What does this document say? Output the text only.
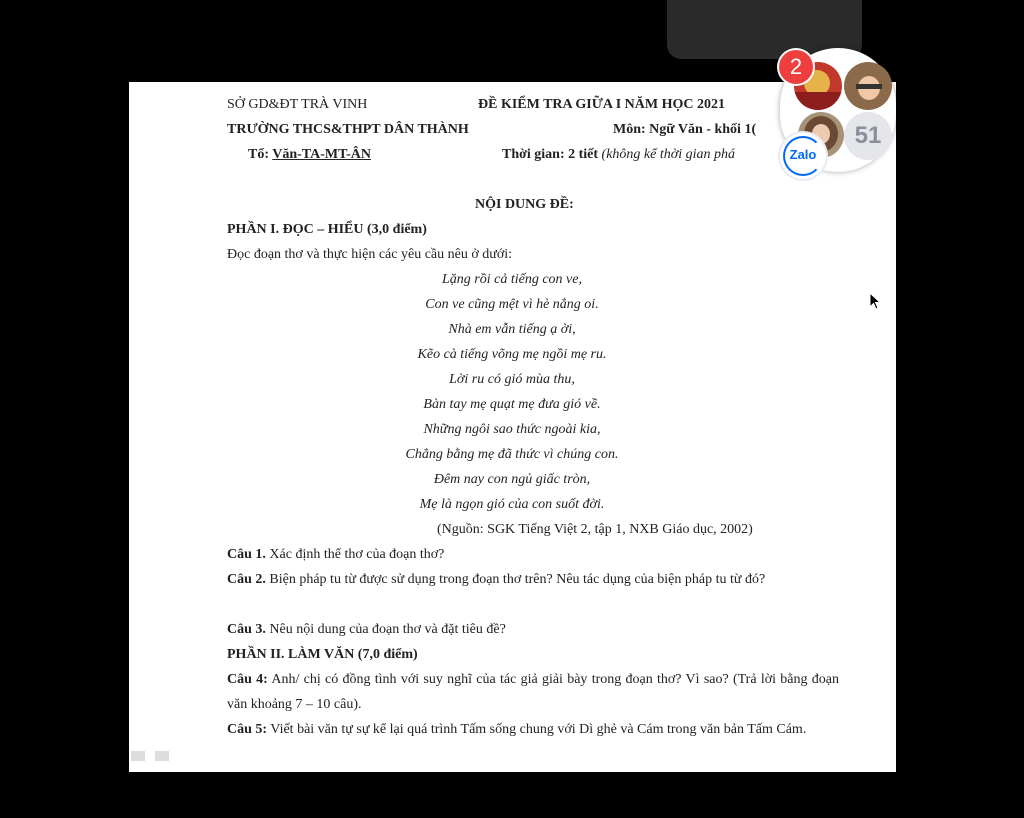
SỞ GD&ĐT TRÀ VINH
TRƯỜNG THCS&THPT DÂN THÀNH
Tổ: Văn-TA-MT-ÂN
ĐỀ KIỂM TRA GIỮA I NĂM HỌC 2021
Môn: Ngữ Văn - khối 1(
Thời gian: 2 tiết (không kể thời gian phá
NỘI DUNG ĐỀ:
PHẦN I. ĐỌC – HIỂU (3,0 điểm)
Đọc đoạn thơ và thực hiện các yêu cầu nêu ở dưới:
Lặng rồi cả tiếng con ve,
Con ve cũng mệt vì hè nắng oi.
Nhà em vẫn tiếng ạ ời,
Kẽo cà tiếng võng mẹ ngồi mẹ ru.
Lời ru có gió mùa thu,
Bàn tay mẹ quạt mẹ đưa gió về.
Những ngôi sao thức ngoài kia,
Chẳng bằng mẹ đã thức vì chúng con.
Đêm nay con ngủ giấc tròn,
Mẹ là ngọn gió của con suốt đời.
(Nguồn: SGK Tiếng Việt 2, tập 1, NXB Giáo dục, 2002)
Câu 1. Xác định thể thơ của đoạn thơ?
Câu 2. Biện pháp tu từ được sử dụng trong đoạn thơ trên? Nêu tác dụng của biện pháp tu từ đó?
Câu 3. Nêu nội dung của đoạn thơ và đặt tiêu đề?
PHẦN II. LÀM VĂN (7,0 điểm)
Câu 4: Anh/ chị có đồng tình với suy nghĩ của tác giả giải bày trong đoạn thơ? Vì sao? (Trả lời bằng đoạn văn khoảng 7 – 10 câu).
Câu 5: Viết bài văn tự sự kể lại quá trình Tấm sống chung với Dì ghẻ và Cám trong văn bản Tấm Cám.
51
2
Zalo
